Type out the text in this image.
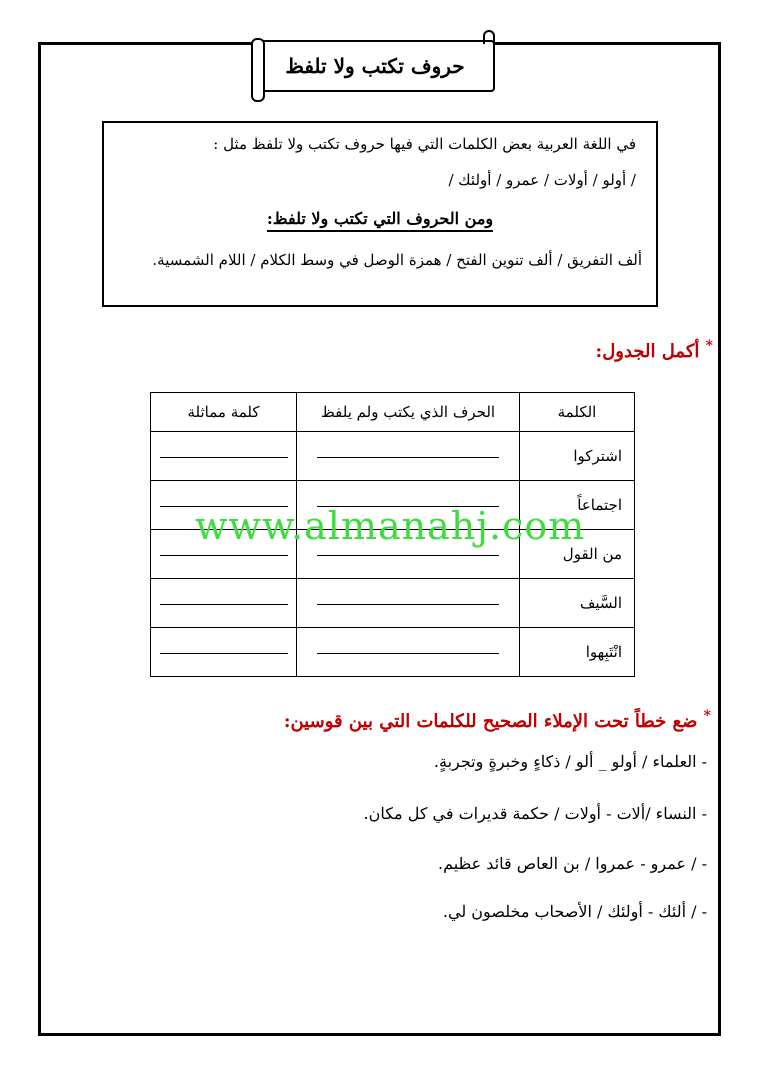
حروف تكتب ولا تلفظ
في اللغة العربية بعض الكلمات التي فيها حروف تكتب ولا تلفظ مثل :
/ أولو / أولات / عمرو / أولئك /
ومن الحروف التي تكتب ولا تلفظ:
ألف التفريق / ألف تنوين الفتح / همزة الوصل في وسط الكلام / اللام الشمسية.
* أكمل الجدول:
الكلمة	الحرف الذي يكتب ولم يلفظ	كلمة مماثلة
اشتركوا		
اجتماعاً		
من القول		
السَّيف		
انْتَبِهوا		
www.almanahj.com
* ضع خطاً تحت الإملاء الصحيح للكلمات التي بين قوسين:
- العلماء / أولو _ ألو / ذكاءٍ وخبرةٍ وتجربةٍ.
- النساء /ألات - أولات / حكمة قديرات في كل مكان.
- / عمرو - عمروا / بن العاص قائد عظيم.
- / ألئك - أولئك / الأصحاب مخلصون لي.
